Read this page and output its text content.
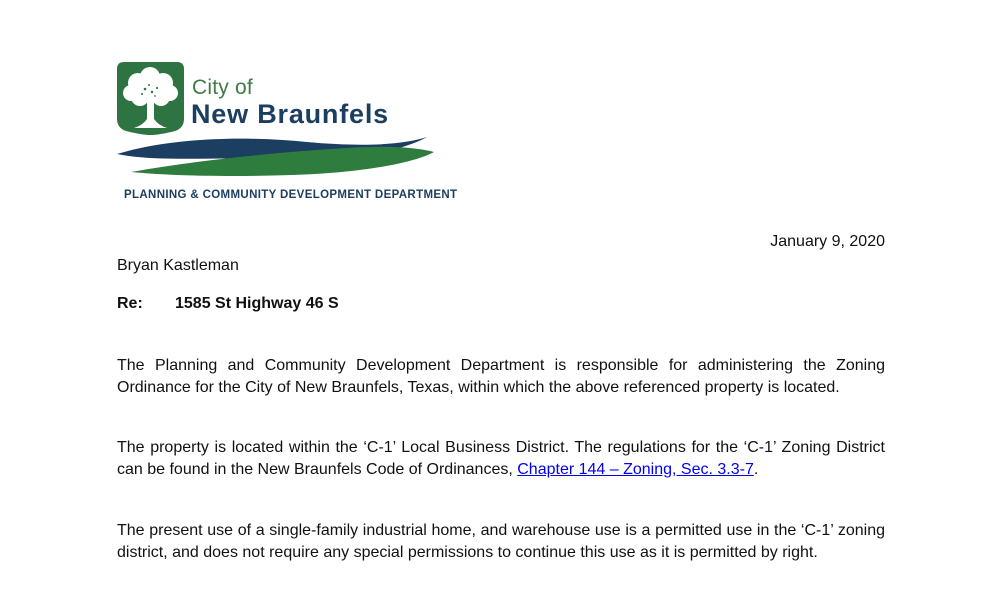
City of
New Braunfels
PLANNING & COMMUNITY DEVELOPMENT DEPARTMENT
January 9, 2020
Bryan Kastleman
Re: 1585 St Highway 46 S

The Planning and Community Development Department is responsible for administering the Zoning Ordinance for the City of New Braunfels, Texas, within which the above referenced property is located.

The property is located within the ‘C-1’ Local Business District. The regulations for the ‘C-1’ Zoning District can be found in the New Braunfels Code of Ordinances, Chapter 144 – Zoning, Sec. 3.3-7.

The present use of a single-family industrial home, and warehouse use is a permitted use in the ‘C-1’ zoning district, and does not require any special permissions to continue this use as it is permitted by right.
